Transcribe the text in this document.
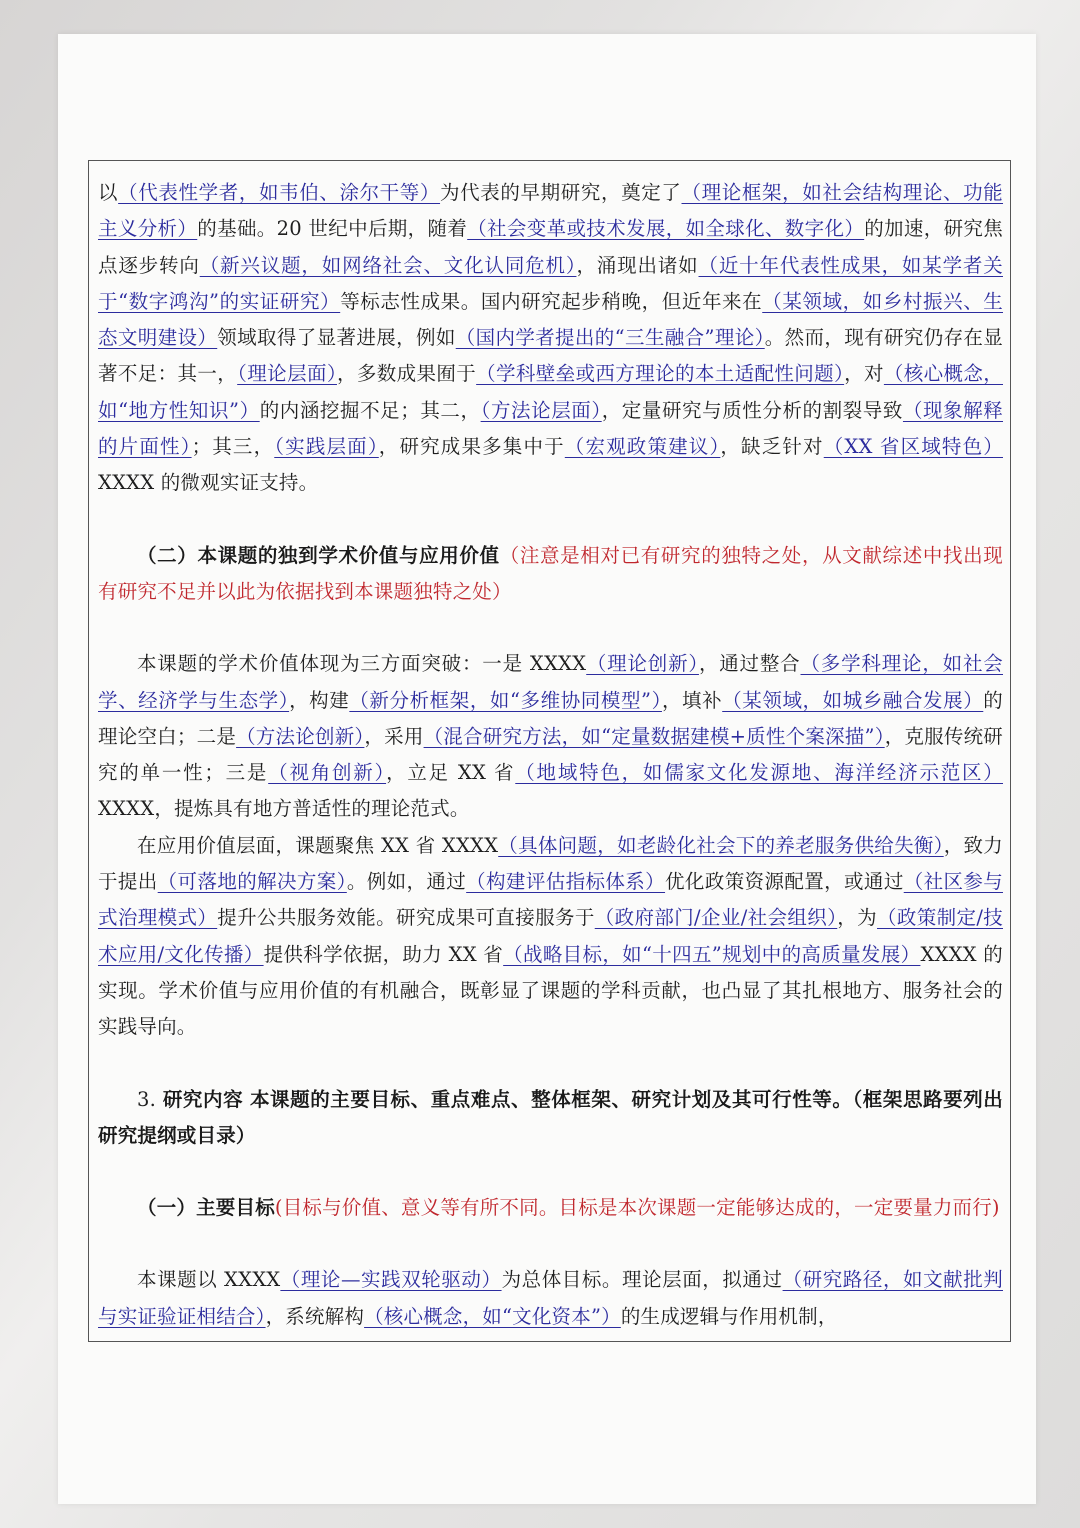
以（代表性学者，如韦伯、涂尔干等）为代表的早期研究，奠定了（理论框架，如社会结构理论、功能主义分析）的基础。20 世纪中后期，随着（社会变革或技术发展，如全球化、数字化）的加速，研究焦点逐步转向（新兴议题，如网络社会、文化认同危机），涌现出诸如（近十年代表性成果，如某学者关于“数字鸿沟”的实证研究）等标志性成果。国内研究起步稍晚，但近年来在（某领域，如乡村振兴、生态文明建设）领域取得了显著进展，例如（国内学者提出的“三生融合”理论）。然而，现有研究仍存在显著不足：其一，（理论层面），多数成果囿于（学科壁垒或西方理论的本土适配性问题），对（核心概念，如“地方性知识”）的内涵挖掘不足；其二，（方法论层面），定量研究与质性分析的割裂导致（现象解释的片面性）；其三，（实践层面），研究成果多集中于（宏观政策建议），缺乏针对（XX 省区域特色）XXXX 的微观实证支持。

（二）本课题的独到学术价值与应用价值（注意是相对已有研究的独特之处，从文献综述中找出现有研究不足并以此为依据找到本课题独特之处）

本课题的学术价值体现为三方面突破：一是 XXXX（理论创新），通过整合（多学科理论，如社会学、经济学与生态学），构建（新分析框架，如“多维协同模型”），填补（某领域，如城乡融合发展）的理论空白；二是（方法论创新），采用（混合研究方法，如“定量数据建模+质性个案深描”），克服传统研究的单一性；三是（视角创新），立足 XX 省（地域特色，如儒家文化发源地、海洋经济示范区）XXXX，提炼具有地方普适性的理论范式。

在应用价值层面，课题聚焦 XX 省 XXXX（具体问题，如老龄化社会下的养老服务供给失衡），致力于提出（可落地的解决方案）。例如，通过（构建评估指标体系）优化政策资源配置，或通过（社区参与式治理模式）提升公共服务效能。研究成果可直接服务于（政府部门/企业/社会组织），为（政策制定/技术应用/文化传播）提供科学依据，助力 XX 省（战略目标，如“十四五”规划中的高质量发展）XXXX 的实现。学术价值与应用价值的有机融合，既彰显了课题的学科贡献，也凸显了其扎根地方、服务社会的实践导向。

3. 研究内容 本课题的主要目标、重点难点、整体框架、研究计划及其可行性等。（框架思路要列出研究提纲或目录）

（一）主要目标(目标与价值、意义等有所不同。目标是本次课题一定能够达成的，一定要量力而行)

本课题以 XXXX（理论—实践双轮驱动）为总体目标。理论层面，拟通过（研究路径，如文献批判与实证验证相结合），系统解构（核心概念，如“文化资本”）的生成逻辑与作用机制，
